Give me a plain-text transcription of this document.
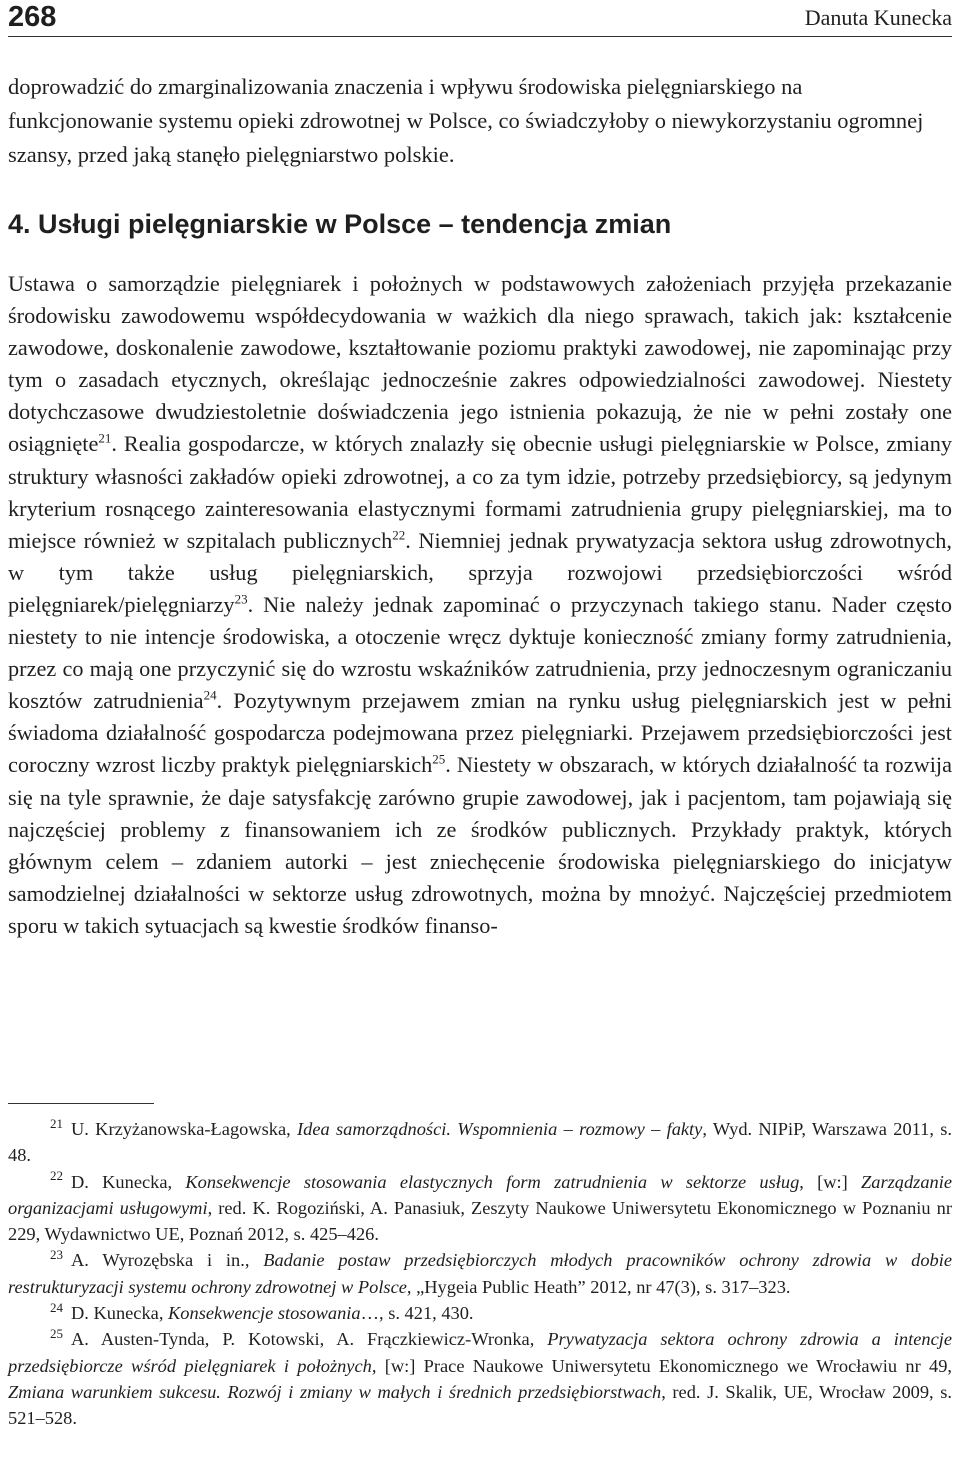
268	Danuta Kunecka

doprowadzić do zmarginalizowania znaczenia i wpływu środowiska pielęgniarskiego na funkcjonowanie systemu opieki zdrowotnej w Polsce, co świadczyłoby o niewykorzystaniu ogromnej szansy, przed jaką stanęło pielęgniarstwo polskie.

4. Usługi pielęgniarskie w Polsce – tendencja zmian

Ustawa o samorządzie pielęgniarek i położnych w podstawowych założeniach przyjęła przekazanie środowisku zawodowemu współdecydowania w ważkich dla niego sprawach, takich jak: kształcenie zawodowe, doskonalenie zawodowe, kształtowanie poziomu praktyki zawodowej, nie zapominając przy tym o zasadach etycznych, określając jednocześnie zakres odpowiedzialności zawodowej. Niestety dotychczasowe dwudziestoletnie doświadczenia jego istnienia pokazują, że nie w pełni zostały one osiągnięte$^{21}$. Realia gospodarcze, w których znalazły się obecnie usługi pielęgniarskie w Polsce, zmiany struktury własności zakładów opieki zdrowotnej, a co za tym idzie, potrzeby przedsiębiorcy, są jedynym kryterium rosnącego zainteresowania elastycznymi formami zatrudnienia grupy pielęgniarskiej, ma to miejsce również w szpitalach publicznych$^{22}$. Niemniej jednak prywatyzacja sektora usług zdrowotnych, w tym także usług pielęgniarskich, sprzyja rozwojowi przedsiębiorczości wśród pielęgniarek/pielęgniarzy$^{23}$. Nie należy jednak zapominać o przyczynach takiego stanu. Nader często niestety to nie intencje środowiska, a otoczenie wręcz dyktuje konieczność zmiany formy zatrudnienia, przez co mają one przyczynić się do wzrostu wskaźników zatrudnienia, przy jednoczesnym ograniczaniu kosztów zatrudnienia$^{24}$. Pozytywnym przejawem zmian na rynku usług pielęgniarskich jest w pełni świadoma działalność gospodarcza podejmowana przez pielęgniarki. Przejawem przedsiębiorczości jest coroczny wzrost liczby praktyk pielęgniarskich$^{25}$. Niestety w obszarach, w których działalność ta rozwija się na tyle sprawnie, że daje satysfakcję zarówno grupie zawodowej, jak i pacjentom, tam pojawiają się najczęściej problemy z finansowaniem ich ze środków publicznych. Przykłady praktyk, których głównym celem – zdaniem autorki – jest zniechęcenie środowiska pielęgniarskiego do inicjatyw samodzielnej działalności w sektorze usług zdrowotnych, można by mnożyć. Najczęściej przedmiotem sporu w takich sytuacjach są kwestie środków finanso-

$^{21}$ U. Krzyżanowska-Łagowska, Idea samorządności. Wspomnienia – rozmowy – fakty, Wyd. NIPiP, Warszawa 2011, s. 48.

$^{22}$ D. Kunecka, Konsekwencje stosowania elastycznych form zatrudnienia w sektorze usług, [w:] Zarządzanie organizacjami usługowymi, red. K. Rogoziński, A. Panasiuk, Zeszyty Naukowe Uniwersytetu Ekonomicznego w Poznaniu nr 229, Wydawnictwo UE, Poznań 2012, s. 425–426.

$^{23}$ A. Wyrozębska i in., Badanie postaw przedsiębiorczych młodych pracowników ochrony zdrowia w dobie restrukturyzacji systemu ochrony zdrowotnej w Polsce, „Hygeia Public Heath” 2012, nr 47(3), s. 317–323.

$^{24}$ D. Kunecka, Konsekwencje stosowania…, s. 421, 430.

$^{25}$ A. Austen-Tynda, P. Kotowski, A. Frączkiewicz-Wronka, Prywatyzacja sektora ochrony zdrowia a intencje przedsiębiorcze wśród pielęgniarek i położnych, [w:] Prace Naukowe Uniwersytetu Ekonomicznego we Wrocławiu nr 49, Zmiana warunkiem sukcesu. Rozwój i zmiany w małych i średnich przedsiębiorstwach, red. J. Skalik, UE, Wrocław 2009, s. 521–528.
